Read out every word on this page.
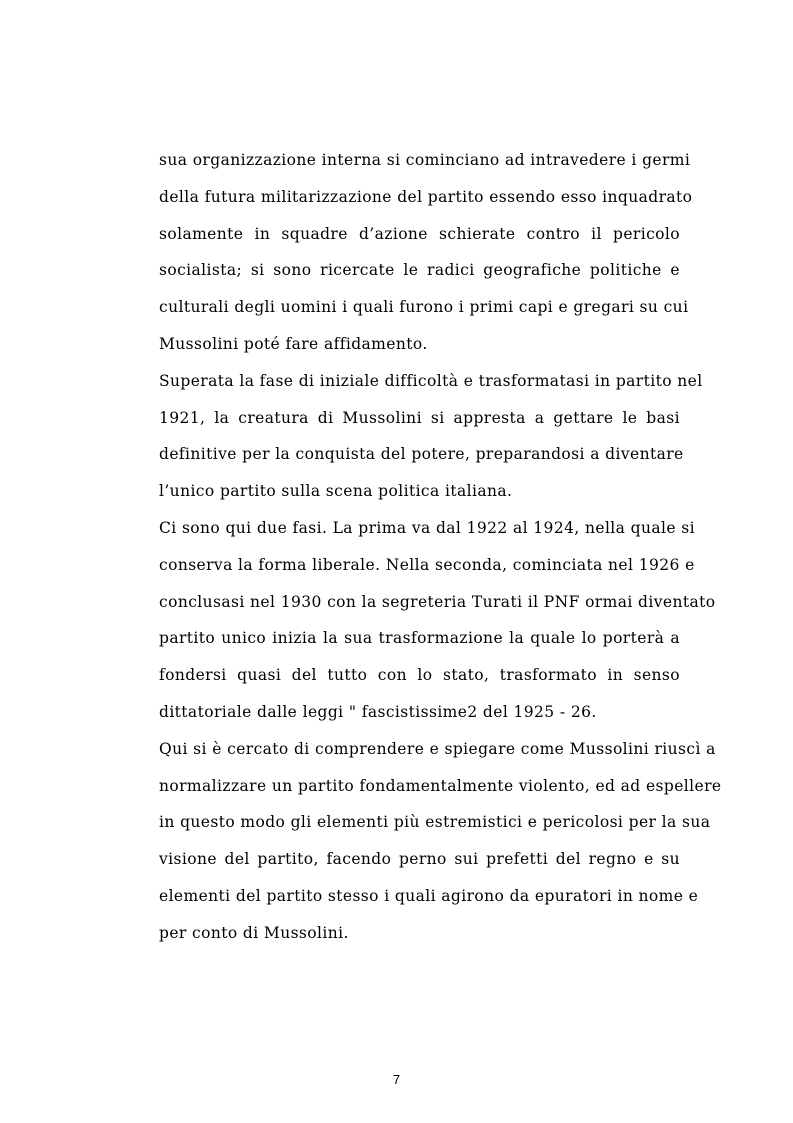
sua organizzazione interna si cominciano ad intravedere i germi
della futura militarizzazione del partito essendo esso inquadrato
solamente in squadre d’azione schierate contro il pericolo
socialista; si sono ricercate le radici geografiche politiche e
culturali degli uomini i quali furono i primi capi e gregari su cui
Mussolini poté fare affidamento.
Superata la fase di iniziale difficoltà e trasformatasi in partito nel
1921, la creatura di Mussolini si appresta a gettare le basi
definitive per la conquista del potere, preparandosi a diventare
l’unico partito sulla scena politica italiana.
Ci sono qui due fasi. La prima va dal 1922 al 1924, nella quale si
conserva la forma liberale. Nella seconda, cominciata nel 1926 e
conclusasi nel 1930 con la segreteria Turati il PNF ormai diventato
partito unico inizia la sua trasformazione la quale lo porterà a
fondersi quasi del tutto con lo stato, trasformato in senso
dittatoriale dalle leggi " fascistissime2 del 1925 - 26.
Qui si è cercato di comprendere e spiegare come Mussolini riuscì a
normalizzare un partito fondamentalmente violento, ed ad espellere
in questo modo gli elementi più estremistici e pericolosi per la sua
visione del partito, facendo perno sui prefetti del regno e su
elementi del partito stesso i quali agirono da epuratori in nome e
per conto di Mussolini.
7
